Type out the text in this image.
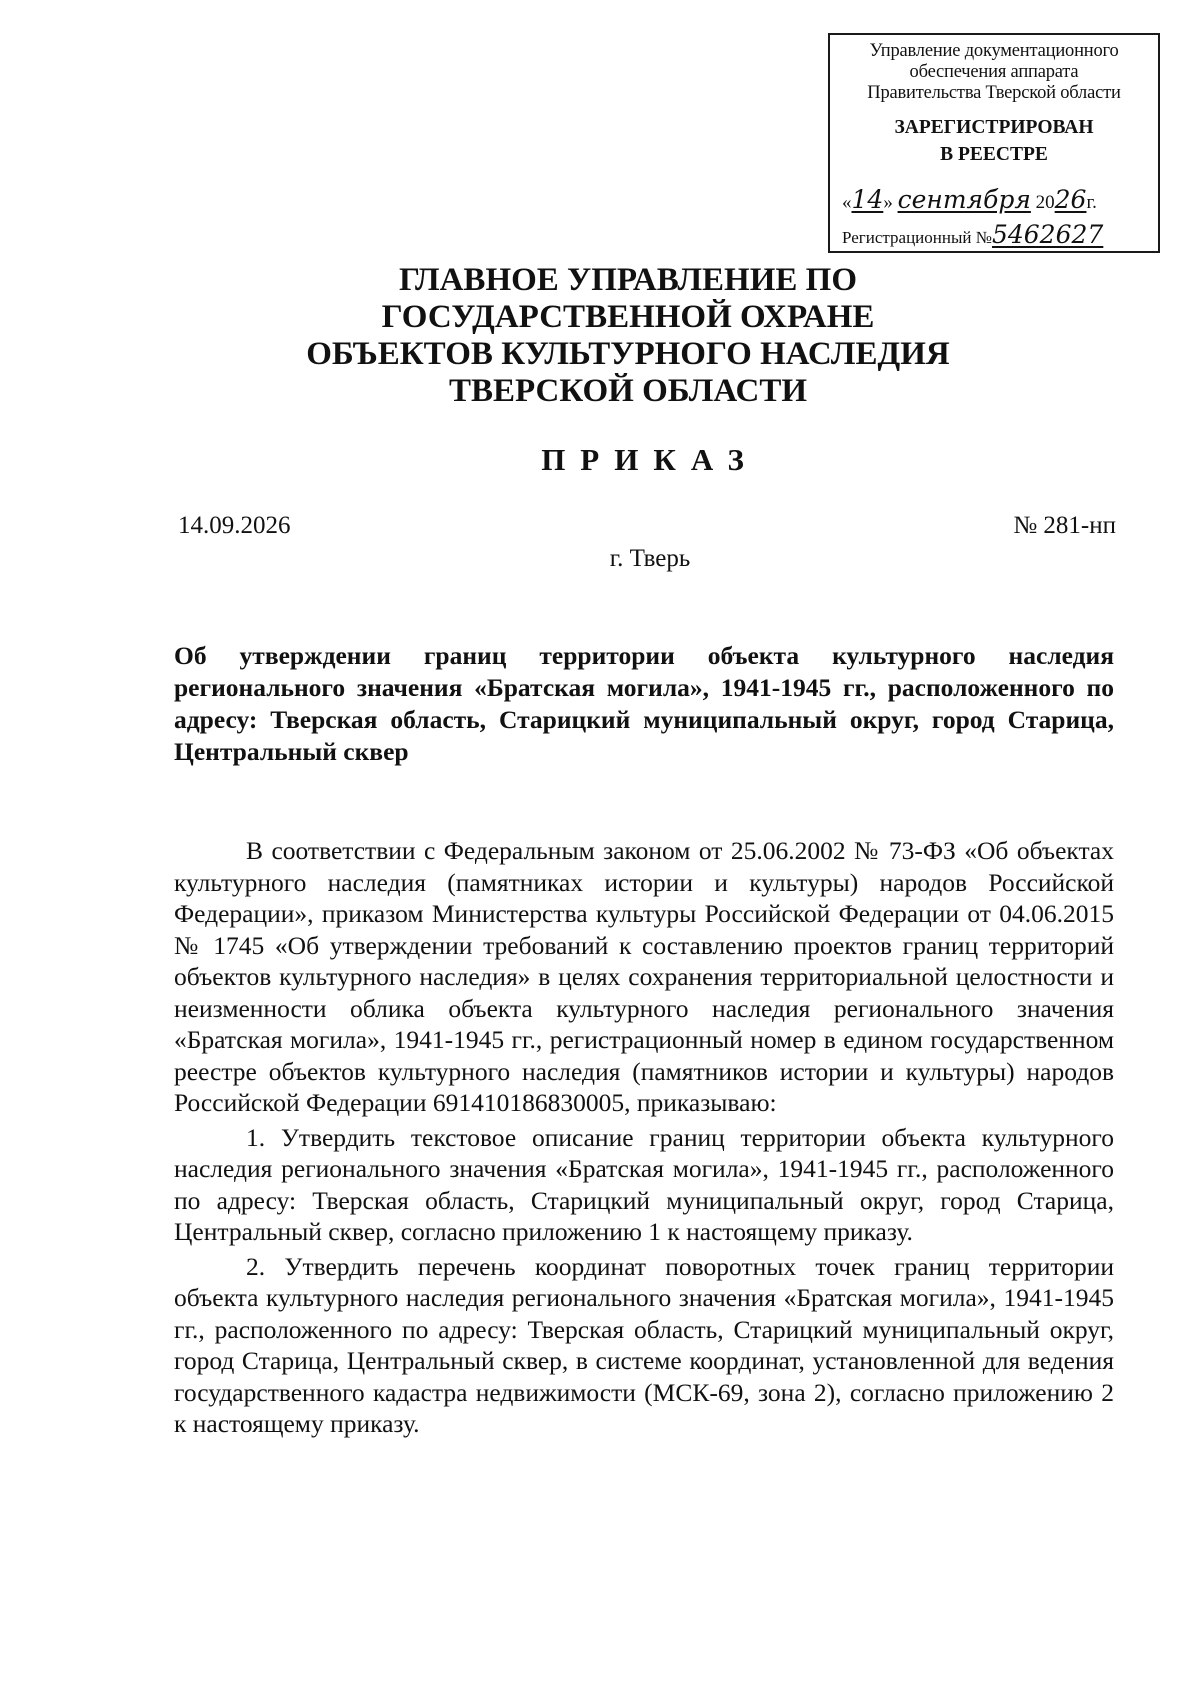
Управление документационного
обеспечения аппарата
Правительства Тверской области
ЗАРЕГИСТРИРОВАН
В РЕЕСТРЕ
«14» сентября 2026г.
Регистрационный №5462627
ГЛАВНОЕ УПРАВЛЕНИЕ ПО
ГОСУДАРСТВЕННОЙ ОХРАНЕ
ОБЪЕКТОВ КУЛЬТУРНОГО НАСЛЕДИЯ
ТВЕРСКОЙ ОБЛАСТИ
ПРИКАЗ
14.09.2026	№ 281-нп
г. Тверь
Об утверждении границ территории объекта культурного наследия регионального значения «Братская могила», 1941-1945 гг., расположенного по адресу: Тверская область, Старицкий муниципальный округ, город Старица, Центральный сквер

В соответствии с Федеральным законом от 25.06.2002 № 73-ФЗ «Об объектах культурного наследия (памятниках истории и культуры) народов Российской Федерации», приказом Министерства культуры Российской Федерации от 04.06.2015 № 1745 «Об утверждении требований к составлению проектов границ территорий объектов культурного наследия» в целях сохранения территориальной целостности и неизменности облика объекта культурного наследия регионального значения «Братская могила», 1941-1945 гг., регистрационный номер в едином государственном реестре объектов культурного наследия (памятников истории и культуры) народов Российской Федерации 691410186830005, приказываю:

1. Утвердить текстовое описание границ территории объекта культурного наследия регионального значения «Братская могила», 1941-1945 гг., расположенного по адресу: Тверская область, Старицкий муниципальный округ, город Старица, Центральный сквер, согласно приложению 1 к настоящему приказу.

2. Утвердить перечень координат поворотных точек границ территории объекта культурного наследия регионального значения «Братская могила», 1941-1945 гг., расположенного по адресу: Тверская область, Старицкий муниципальный округ, город Старица, Центральный сквер, в системе координат, установленной для ведения государственного кадастра недвижимости (МСК-69, зона 2), согласно приложению 2 к настоящему приказу.
